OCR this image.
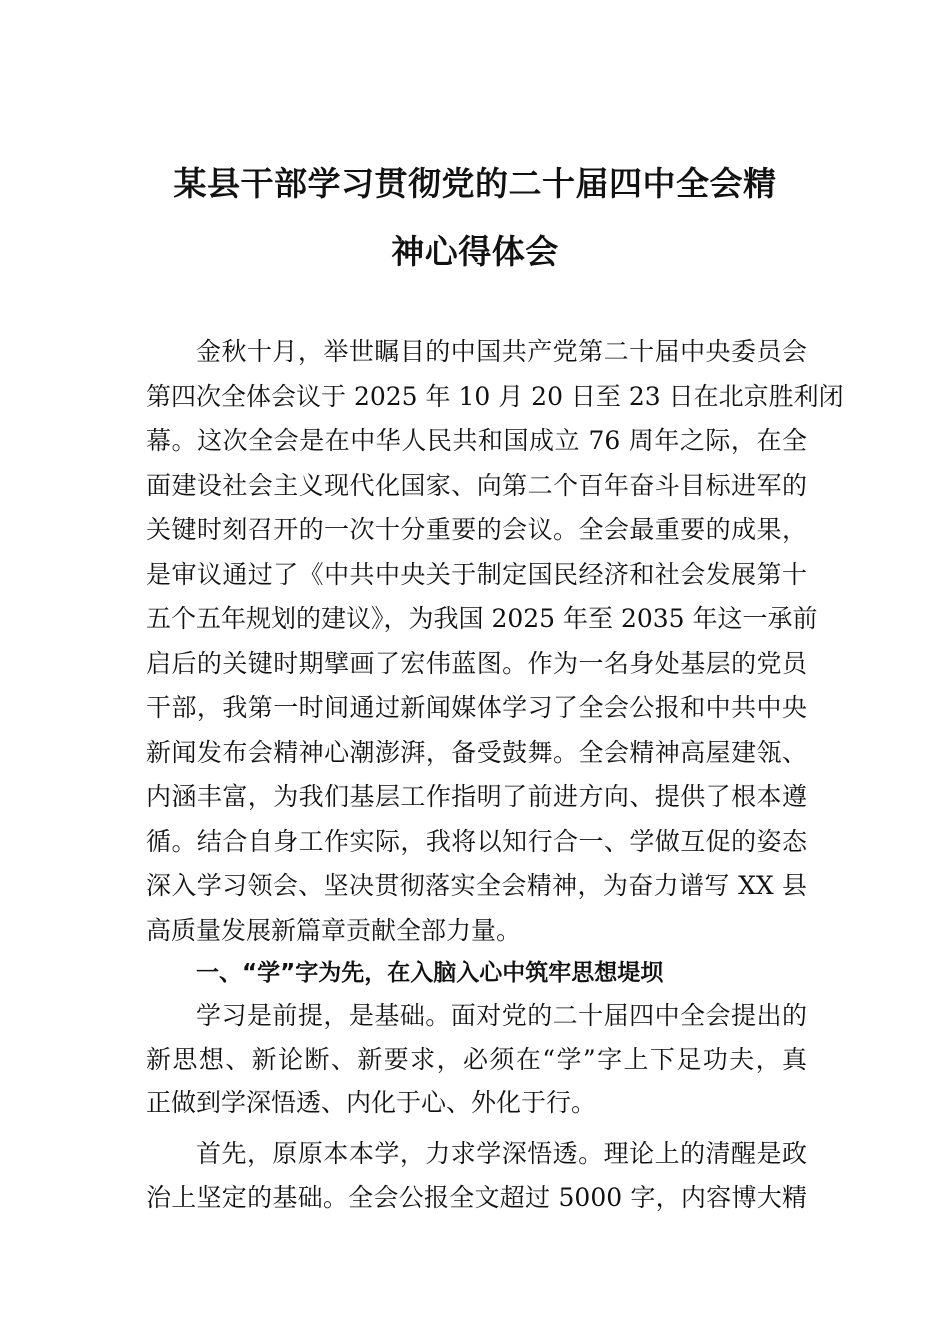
某县干部学习贯彻党的二十届四中全会精
神心得体会
金秋十月，举世瞩目的中国共产党第二十届中央委员会
第四次全体会议于 2025 年 10 月 20 日至 23 日在北京胜利闭
幕。这次全会是在中华人民共和国成立 76 周年之际，在全
面建设社会主义现代化国家、向第二个百年奋斗目标进军的
关键时刻召开的一次十分重要的会议。全会最重要的成果，
是审议通过了《中共中央关于制定国民经济和社会发展第十
五个五年规划的建议》，为我国 2025 年至 2035 年这一承前
启后的关键时期擘画了宏伟蓝图。作为一名身处基层的党员
干部，我第一时间通过新闻媒体学习了全会公报和中共中央
新闻发布会精神心潮澎湃，备受鼓舞。全会精神高屋建瓴、
内涵丰富，为我们基层工作指明了前进方向、提供了根本遵
循。结合自身工作实际，我将以知行合一、学做互促的姿态
深入学习领会、坚决贯彻落实全会精神，为奋力谱写 XX 县
高质量发展新篇章贡献全部力量。
一、“学”字为先，在入脑入心中筑牢思想堤坝
学习是前提，是基础。面对党的二十届四中全会提出的
新思想、新论断、新要求，必须在“学”字上下足功夫，真
正做到学深悟透、内化于心、外化于行。
首先，原原本本学，力求学深悟透。理论上的清醒是政
治上坚定的基础。全会公报全文超过 5000 字，内容博大精
